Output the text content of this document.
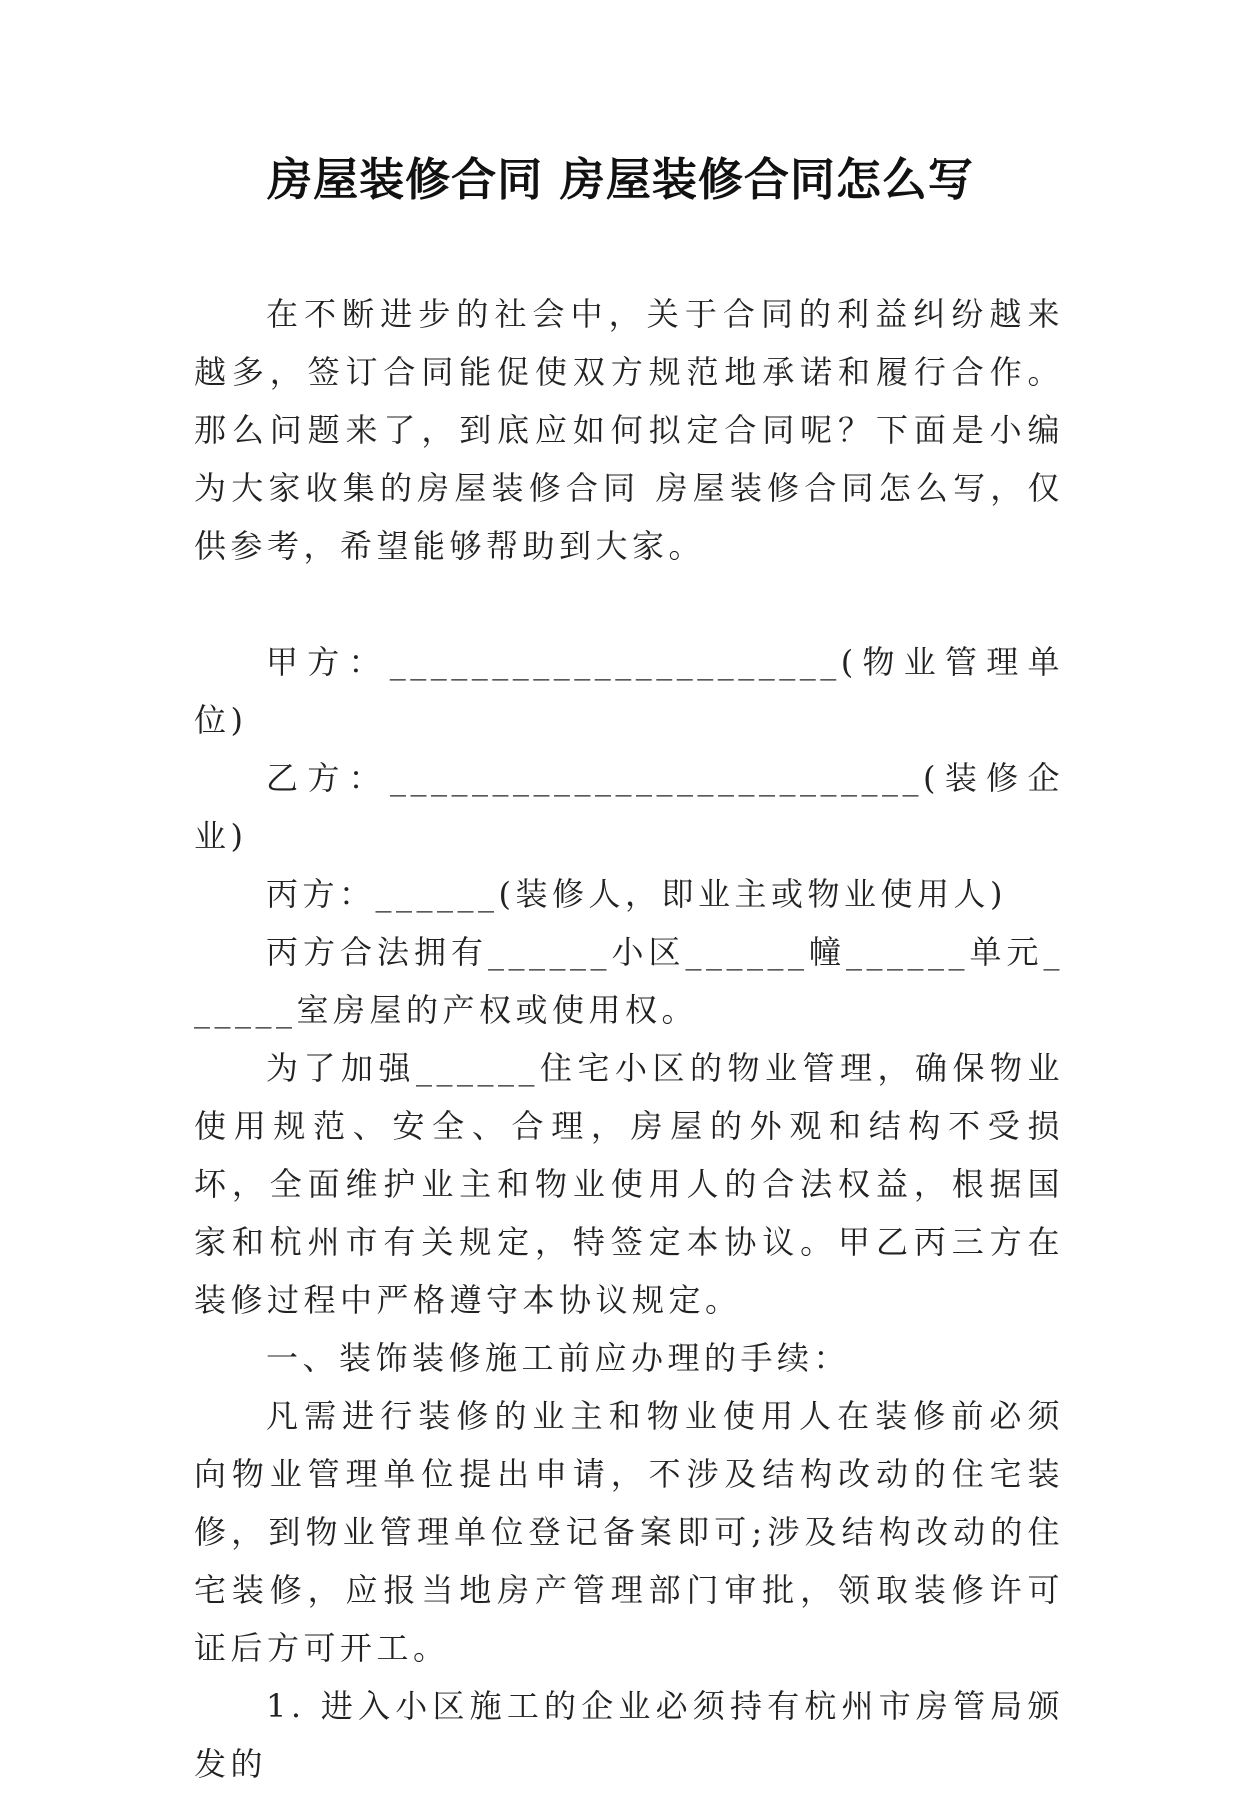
房屋装修合同 房屋装修合同怎么写

在不断进步的社会中，关于合同的利益纠纷越来越多，签订合同能促使双方规范地承诺和履行合作。那么问题来了，到底应如何拟定合同呢？下面是小编为大家收集的房屋装修合同 房屋装修合同怎么写，仅供参考，希望能够帮助到大家。

甲方：______________________(物业管理单位)

乙方：__________________________(装修企业)

丙方：______(装修人，即业主或物业使用人)

丙方合法拥有______小区______幢______单元______室房屋的产权或使用权。

为了加强______住宅小区的物业管理，确保物业使用规范、安全、合理，房屋的外观和结构不受损坏，全面维护业主和物业使用人的合法权益，根据国家和杭州市有关规定，特签定本协议。甲乙丙三方在装修过程中严格遵守本协议规定。

一、装饰装修施工前应办理的手续：

凡需进行装修的业主和物业使用人在装修前必须向物业管理单位提出申请，不涉及结构改动的住宅装修，到物业管理单位登记备案即可;涉及结构改动的住宅装修，应报当地房产管理部门审批，领取装修许可证后方可开工。

1. 进入小区施工的企业必须持有杭州市房管局颁发的
